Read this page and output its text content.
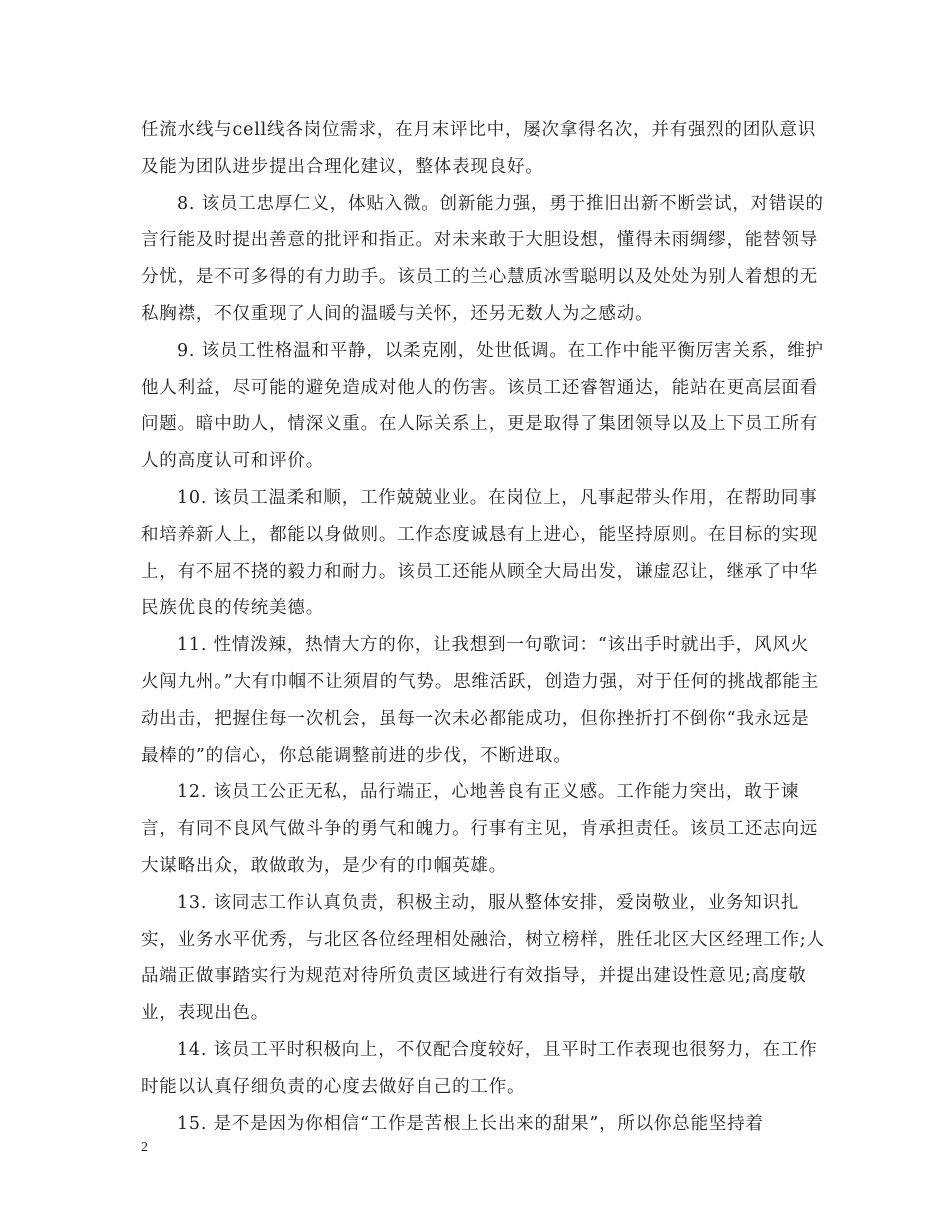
任流水线与cell线各岗位需求，在月末评比中，屡次拿得名次，并有强烈的团队意识及能为团队进步提出合理化建议，整体表现良好。

8. 该员工忠厚仁义，体贴入微。创新能力强，勇于推旧出新不断尝试，对错误的言行能及时提出善意的批评和指正。对未来敢于大胆设想，懂得未雨绸缪，能替领导分忧，是不可多得的有力助手。该员工的兰心慧质冰雪聪明以及处处为别人着想的无私胸襟，不仅重现了人间的温暖与关怀，还另无数人为之感动。

9. 该员工性格温和平静，以柔克刚，处世低调。在工作中能平衡厉害关系，维护他人利益，尽可能的避免造成对他人的伤害。该员工还睿智通达，能站在更高层面看问题。暗中助人，情深义重。在人际关系上，更是取得了集团领导以及上下员工所有人的高度认可和评价。

10. 该员工温柔和顺，工作兢兢业业。在岗位上，凡事起带头作用，在帮助同事和培养新人上，都能以身做则。工作态度诚恳有上进心，能坚持原则。在目标的实现上，有不屈不挠的毅力和耐力。该员工还能从顾全大局出发，谦虚忍让，继承了中华民族优良的传统美德。

11. 性情泼辣，热情大方的你，让我想到一句歌词：“该出手时就出手，风风火火闯九州。”大有巾帼不让须眉的气势。思维活跃，创造力强，对于任何的挑战都能主动出击，把握住每一次机会，虽每一次未必都能成功，但你挫折打不倒你“我永远是最棒的”的信心，你总能调整前进的步伐，不断进取。

12. 该员工公正无私，品行端正，心地善良有正义感。工作能力突出，敢于谏言，有同不良风气做斗争的勇气和魄力。行事有主见，肯承担责任。该员工还志向远大谋略出众，敢做敢为，是少有的巾帼英雄。

13. 该同志工作认真负责，积极主动，服从整体安排，爱岗敬业，业务知识扎实，业务水平优秀，与北区各位经理相处融洽，树立榜样，胜任北区大区经理工作;人品端正做事踏实行为规范对待所负责区域进行有效指导，并提出建设性意见;高度敬业，表现出色。

14. 该员工平时积极向上，不仅配合度较好，且平时工作表现也很努力，在工作时能以认真仔细负责的心度去做好自己的工作。

15. 是不是因为你相信“工作是苦根上长出来的甜果”，所以你总能坚持着

2
